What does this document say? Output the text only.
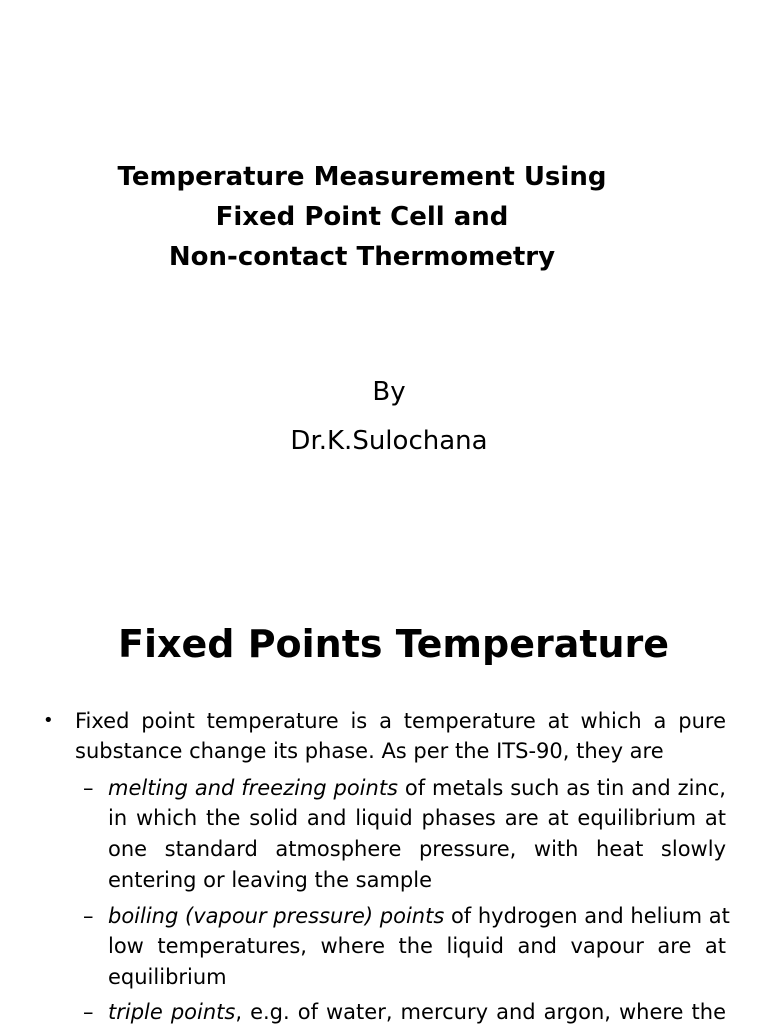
Temperature Measurement Using
Fixed Point Cell and
Non-contact Thermometry
By
Dr.K.Sulochana
Fixed Points Temperature
• Fixed point temperature is a temperature at which a pure
substance change its phase. As per the ITS-90, they are
– melting and freezing points of metals such as tin and zinc,
in which the solid and liquid phases are at equilibrium at
one standard atmosphere pressure, with heat slowly
entering or leaving the sample
– boiling (vapour pressure) points of hydrogen and helium at
low temperatures, where the liquid and vapour are at
equilibrium
– triple points, e.g. of water, mercury and argon, where the
